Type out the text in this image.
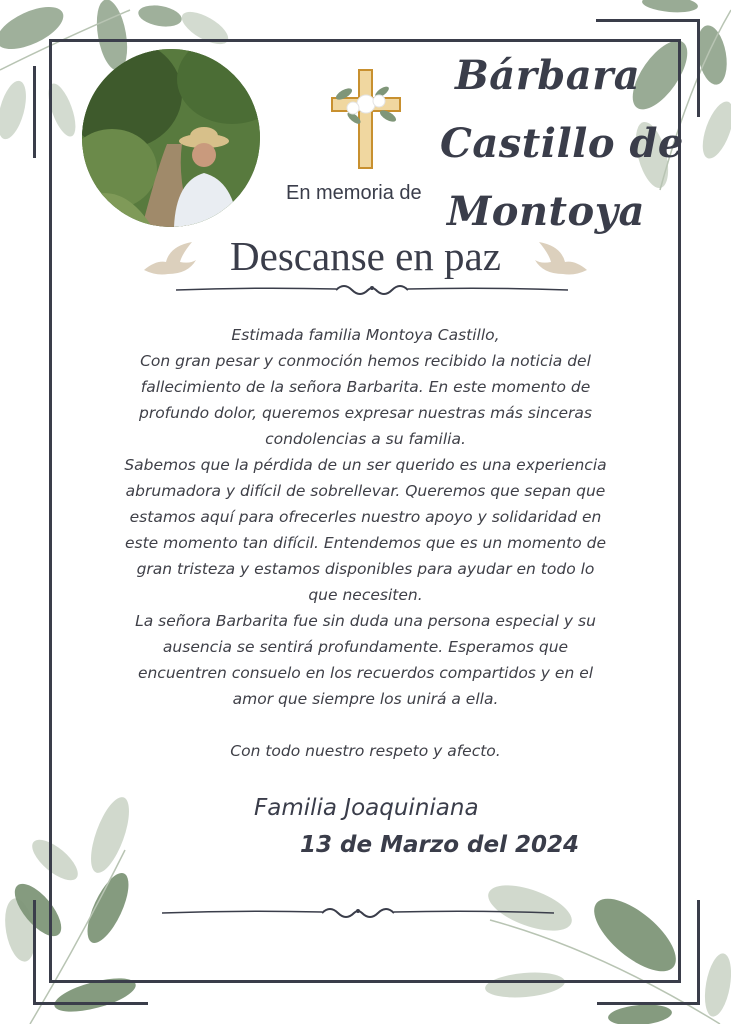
Bárbara
Castillo de
Montoya
En memoria de
Descanse en paz

Estimada familia Montoya Castillo,

Con gran pesar y conmoción hemos recibido la noticia del fallecimiento de la señora Barbarita. En este momento de profundo dolor, queremos expresar nuestras más sinceras condolencias a su familia.

Sabemos que la pérdida de un ser querido es una experiencia abrumadora y difícil de sobrellevar. Queremos que sepan que estamos aquí para ofrecerles nuestro apoyo y solidaridad en este momento tan difícil. Entendemos que es un momento de gran tristeza y estamos disponibles para ayudar en todo lo que necesiten.

La señora Barbarita fue sin duda una persona especial y su ausencia se sentirá profundamente. Esperamos que encuentren consuelo en los recuerdos compartidos y en el amor que siempre los unirá a ella.

Con todo nuestro respeto y afecto.

Familia Joaquiniana
13 de Marzo del 2024
